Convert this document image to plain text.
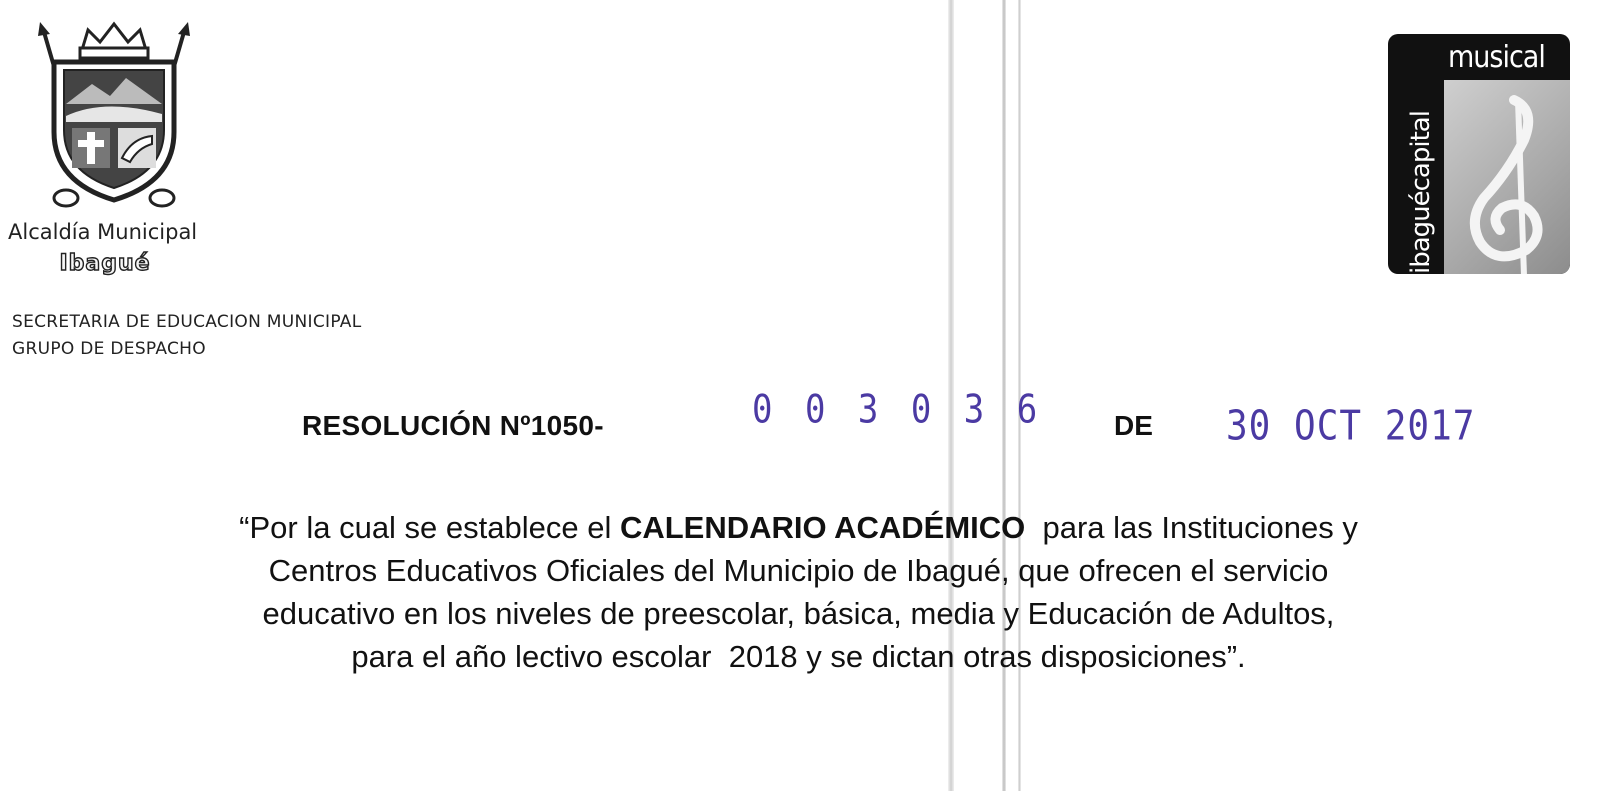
Alcaldía Municipal
Ibagué
SECRETARIA DE EDUCACION MUNICIPAL
GRUPO DE DESPACHO
musical
ibaguécapital
RESOLUCIÓN Nº1050-	0 0 3 0 3 6	DE 30 OCT 2017
“Por la cual se establece el CALENDARIO ACADÉMICO  para las Instituciones y
Centros Educativos Oficiales del Municipio de Ibagué, que ofrecen el servicio
educativo en los niveles de preescolar, básica, media y Educación de Adultos,
para el año lectivo escolar  2018 y se dictan otras disposiciones”.
